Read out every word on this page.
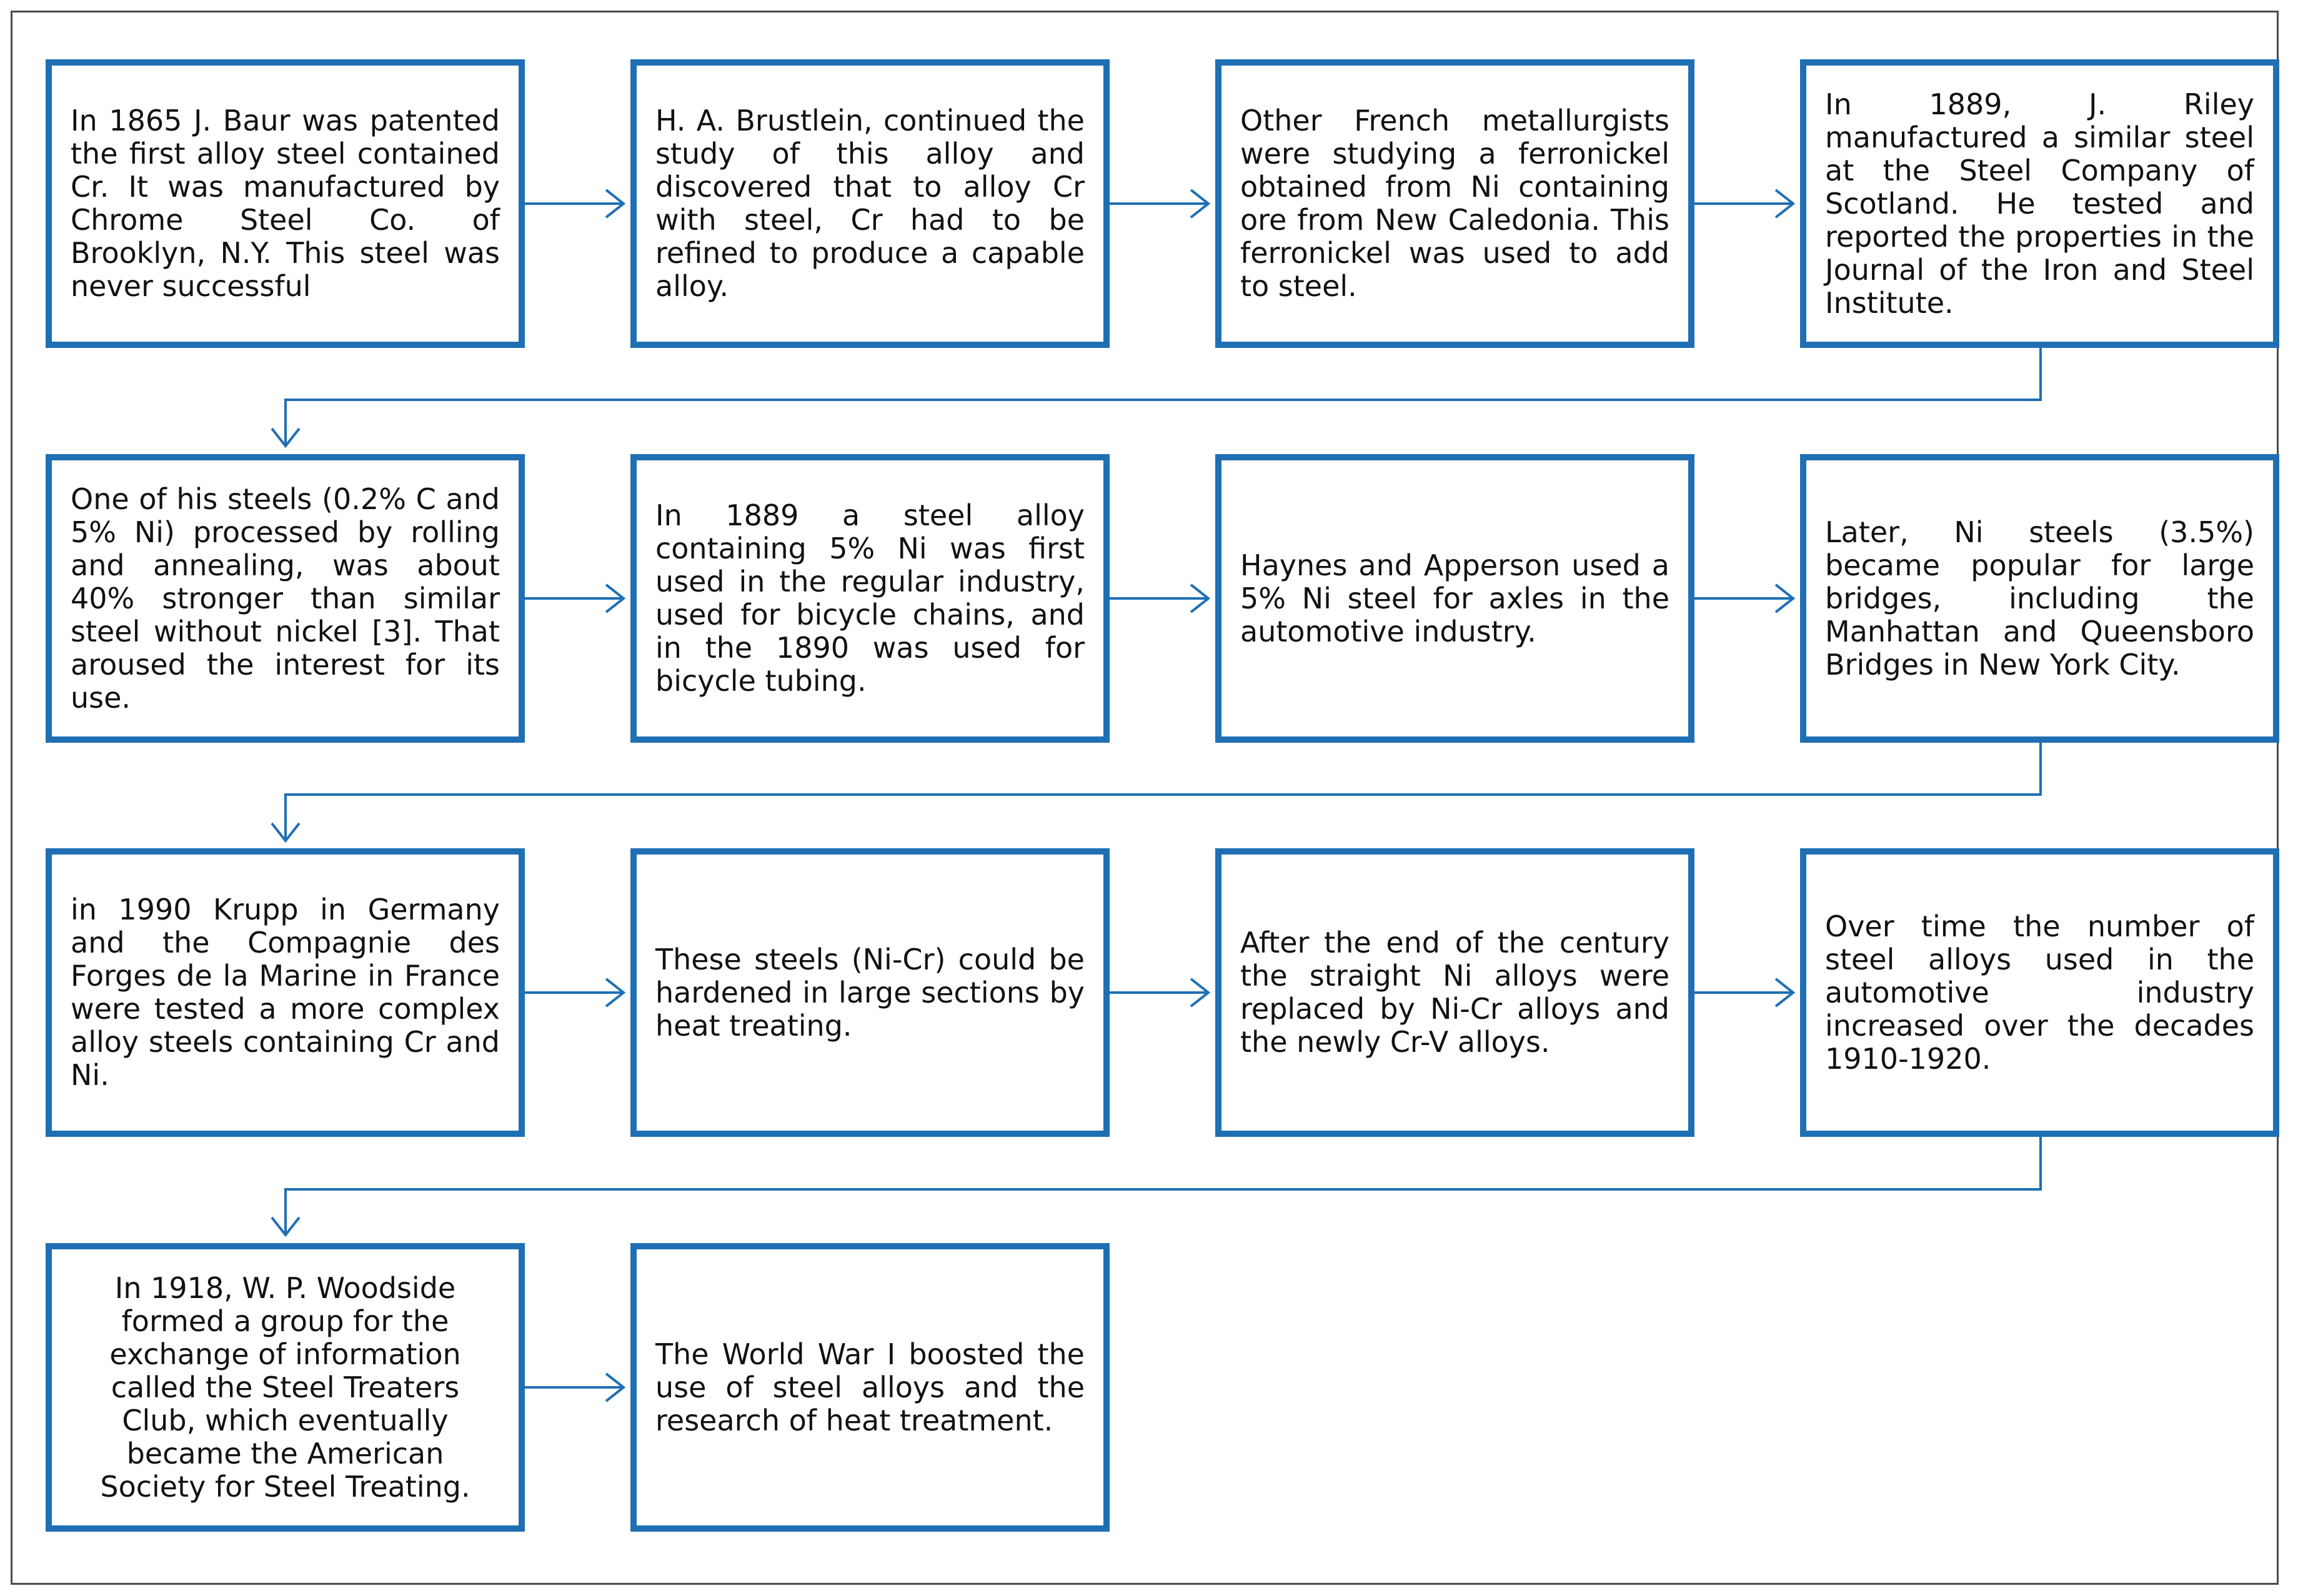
In 1865 J. Baur was patented the first alloy steel contained Cr. It was manufactured by Chrome Steel Co. of Brooklyn, N.Y. This steel was never successful
H. A. Brustlein, continued the study of this alloy and discovered that to alloy Cr with steel, Cr had to be refined to produce a capable alloy.
Other French metallurgists were studying a ferronickel obtained from Ni containing ore from New Caledonia. This ferronickel was used to add to steel.
In 1889, J. Riley manufactured a similar steel at the Steel Company of Scotland. He tested and reported the properties in the Journal of the Iron and Steel Institute.
One of his steels (0.2% C and 5% Ni) processed by rolling and annealing, was about 40% stronger than similar steel without nickel [3]. That aroused the interest for its use.
In 1889 a steel alloy containing 5% Ni was first used in the regular industry, used for bicycle chains, and in the 1890 was used for bicycle tubing.
Haynes and Apperson used a 5% Ni steel for axles in the automotive industry.
Later, Ni steels (3.5%) became popular for large bridges, including the Manhattan and Queensboro Bridges in New York City.
in 1990 Krupp in Germany and the Compagnie des Forges de la Marine in France were tested a more complex alloy steels containing Cr and Ni.
These steels (Ni-Cr) could be hardened in large sections by heat treating.
After the end of the century the straight Ni alloys were replaced by Ni-Cr alloys and the newly Cr-V alloys.
Over time the number of steel alloys used in the automotive industry increased over the decades 1910-1920.
In 1918, W. P. Woodside formed a group for the exchange of information called the Steel Treaters Club, which eventually became the American Society for Steel Treating.
The World War I boosted the use of steel alloys and the research of heat treatment.
